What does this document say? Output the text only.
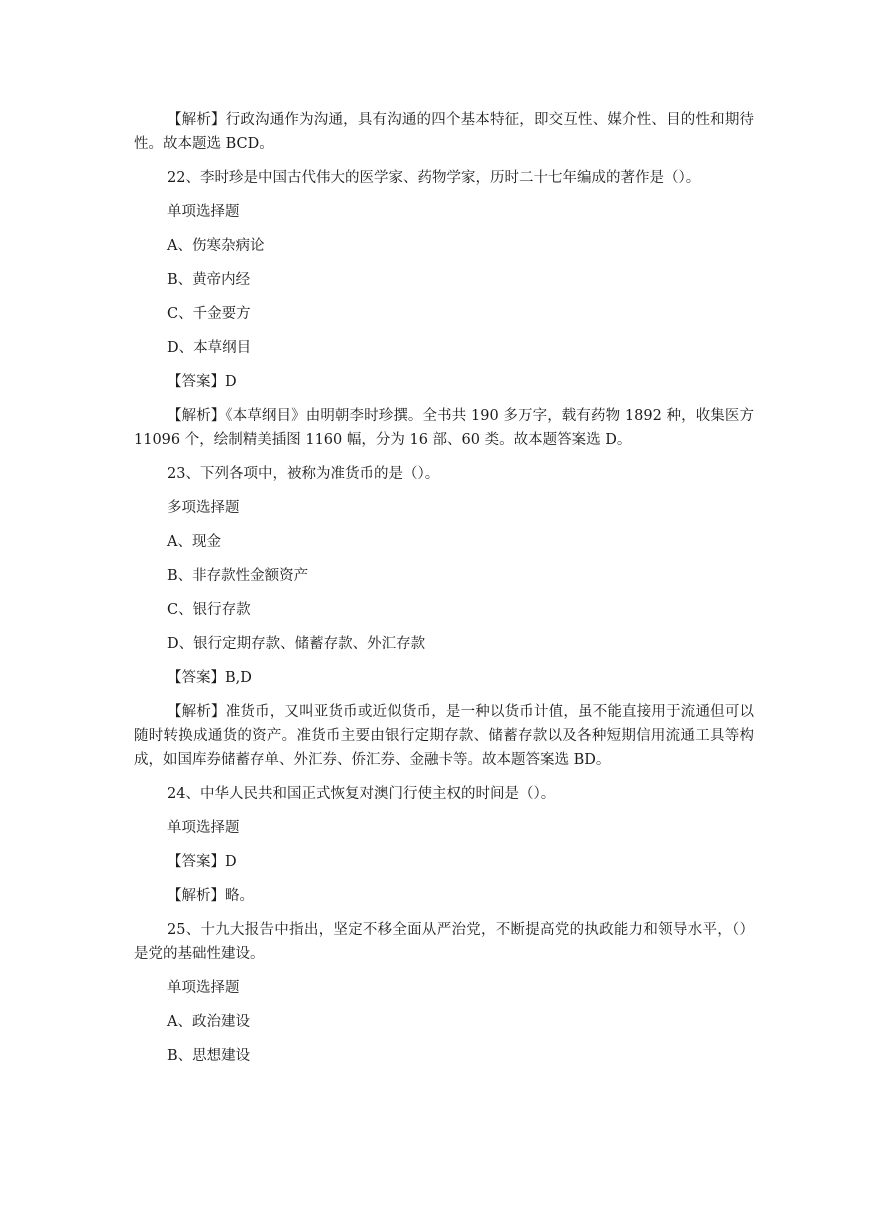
【解析】行政沟通作为沟通，具有沟通的四个基本特征，即交互性、媒介性、目的性和期待性。故本题选 BCD。

22、李时珍是中国古代伟大的医学家、药物学家，历时二十七年编成的著作是（）。

单项选择题

A、伤寒杂病论

B、黄帝内经

C、千金要方

D、本草纲目

【答案】D

【解析】《本草纲目》由明朝李时珍撰。全书共 190 多万字，载有药物 1892 种，收集医方 11096 个，绘制精美插图 1160 幅，分为 16 部、60 类。故本题答案选 D。

23、下列各项中，被称为准货币的是（）。

多项选择题

A、现金

B、非存款性金额资产

C、银行存款

D、银行定期存款、储蓄存款、外汇存款

【答案】B,D

【解析】准货币，又叫亚货币或近似货币，是一种以货币计值，虽不能直接用于流通但可以随时转换成通货的资产。准货币主要由银行定期存款、储蓄存款以及各种短期信用流通工具等构成，如国库券储蓄存单、外汇券、侨汇券、金融卡等。故本题答案选 BD。

24、中华人民共和国正式恢复对澳门行使主权的时间是（）。

单项选择题

【答案】D

【解析】略。

25、十九大报告中指出，坚定不移全面从严治党，不断提高党的执政能力和领导水平，（）是党的基础性建设。

单项选择题

A、政治建设

B、思想建设
